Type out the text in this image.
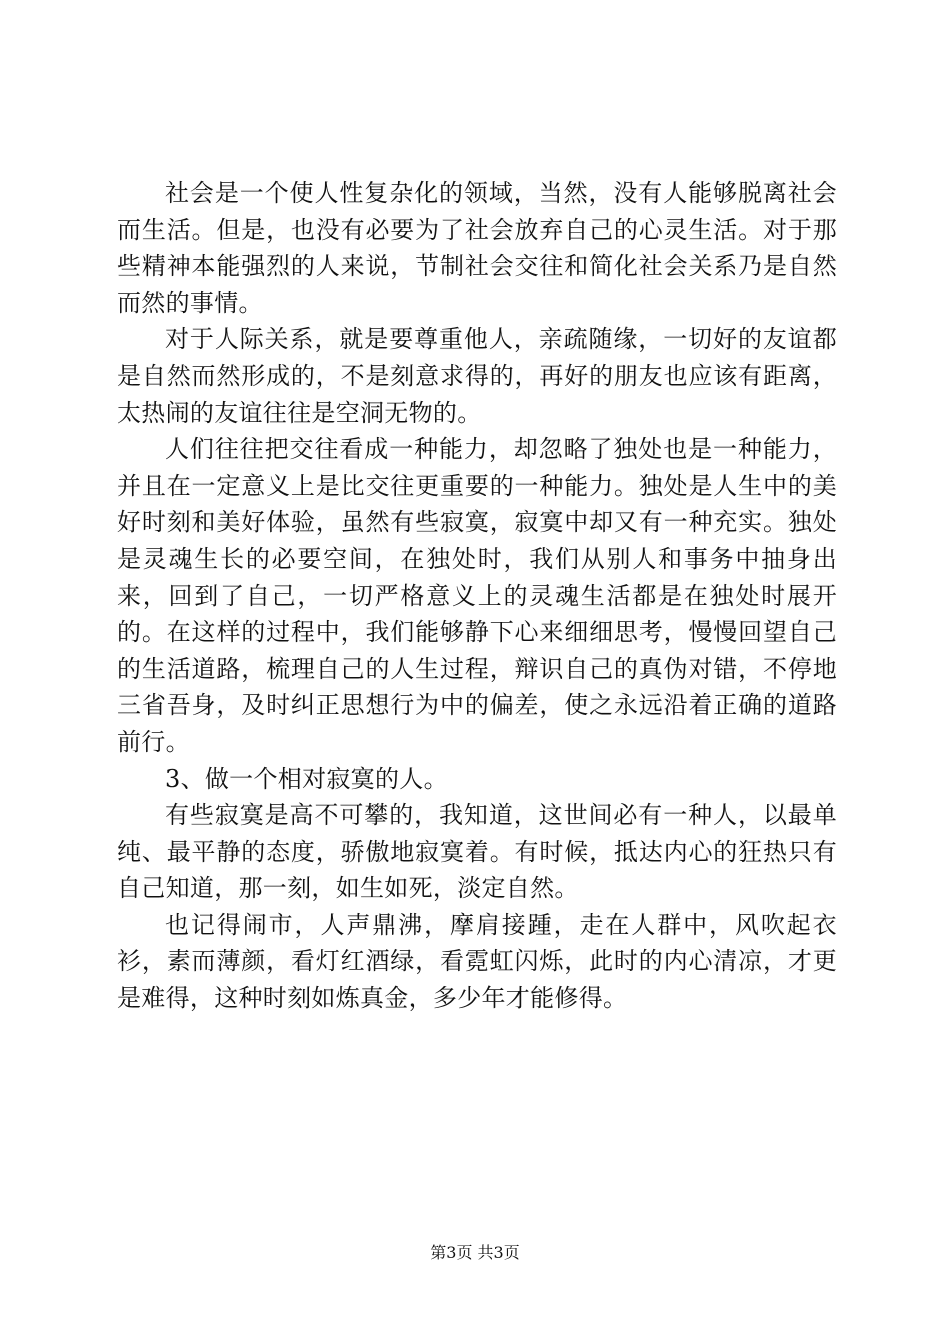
社会是一个使人性复杂化的领域，当然，没有人能够脱离社会而生活。但是，也没有必要为了社会放弃自己的心灵生活。对于那些精神本能强烈的人来说，节制社会交往和简化社会关系乃是自然而然的事情。

对于人际关系，就是要尊重他人，亲疏随缘，一切好的友谊都是自然而然形成的，不是刻意求得的，再好的朋友也应该有距离，太热闹的友谊往往是空洞无物的。

人们往往把交往看成一种能力，却忽略了独处也是一种能力，并且在一定意义上是比交往更重要的一种能力。独处是人生中的美好时刻和美好体验，虽然有些寂寞，寂寞中却又有一种充实。独处是灵魂生长的必要空间，在独处时，我们从别人和事务中抽身出来，回到了自己，一切严格意义上的灵魂生活都是在独处时展开的。在这样的过程中，我们能够静下心来细细思考，慢慢回望自己的生活道路，梳理自己的人生过程，辩识自己的真伪对错，不停地三省吾身，及时纠正思想行为中的偏差，使之永远沿着正确的道路前行。

3、做一个相对寂寞的人。

有些寂寞是高不可攀的，我知道，这世间必有一种人，以最单纯、最平静的态度，骄傲地寂寞着。有时候，抵达内心的狂热只有自己知道，那一刻，如生如死，淡定自然。

也记得闹市，人声鼎沸，摩肩接踵，走在人群中，风吹起衣衫，素而薄颜，看灯红酒绿，看霓虹闪烁，此时的内心清凉，才更是难得，这种时刻如炼真金，多少年才能修得。

第3页 共3页
